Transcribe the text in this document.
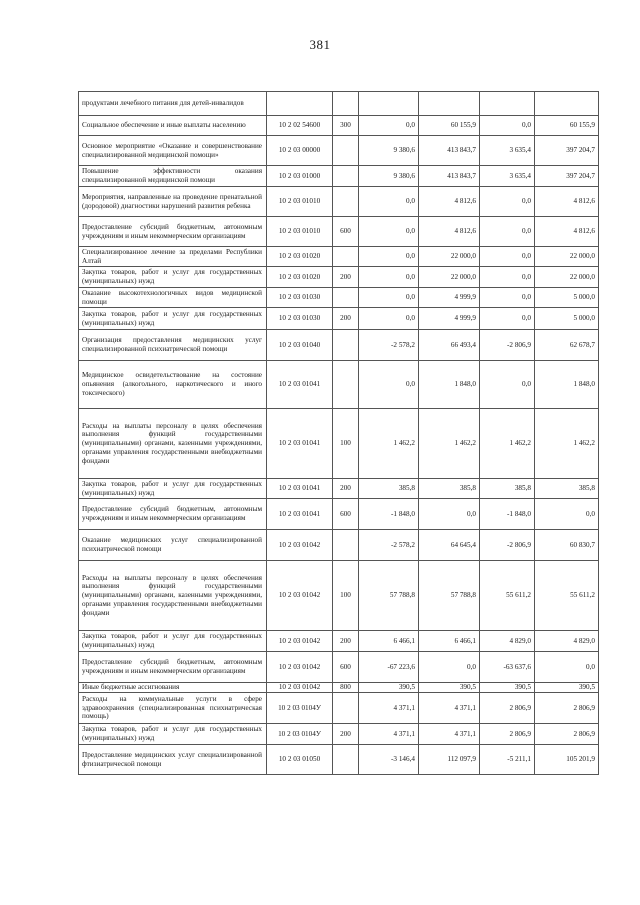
381
продуктами лечебного питания для детей-инвалидов						
Социальное обеспечение и иные выплаты населению	10 2 02 54600	300	0,0	60 155,9	0,0	60 155,9
Основное мероприятие «Оказание и совершенствование специализированной медицинской помощи»	10 2 03 00000		9 380,6	413 843,7	3 635,4	397 204,7
Повышение эффективности оказания специализированной медицинской помощи	10 2 03 01000		9 380,6	413 843,7	3 635,4	397 204,7
Мероприятия, направленные на проведение пренатальной (дородовой) диагностики нарушений развития ребенка	10 2 03 01010		0,0	4 812,6	0,0	4 812,6
Предоставление субсидий бюджетным, автономным учреждениям и иным некоммерческим организациям	10 2 03 01010	600	0,0	4 812,6	0,0	4 812,6
Специализированное лечение за пределами Республики Алтай	10 2 03 01020		0,0	22 000,0	0,0	22 000,0
Закупка товаров, работ и услуг для государственных (муниципальных) нужд	10 2 03 01020	200	0,0	22 000,0	0,0	22 000,0
Оказание высокотехнологичных видов медицинской помощи	10 2 03 01030		0,0	4 999,9	0,0	5 000,0
Закупка товаров, работ и услуг для государственных (муниципальных) нужд	10 2 03 01030	200	0,0	4 999,9	0,0	5 000,0
Организация предоставления медицинских услуг специализированной психиатрической помощи	10 2 03 01040		-2 578,2	66 493,4	-2 806,9	62 678,7
Медицинское освидетельствование на состояние опьянения (алкогольного, наркотического и иного токсического)	10 2 03 01041		0,0	1 848,0	0,0	1 848,0
Расходы на выплаты персоналу в целях обеспечения выполнения функций государственными (муниципальными) органами, казенными учреждениями, органами управления государственными внебюджетными фондами	10 2 03 01041	100	1 462,2	1 462,2	1 462,2	1 462,2
Закупка товаров, работ и услуг для государственных (муниципальных) нужд	10 2 03 01041	200	385,8	385,8	385,8	385,8
Предоставление субсидий бюджетным, автономным учреждениям и иным некоммерческим организациям	10 2 03 01041	600	-1 848,0	0,0	-1 848,0	0,0
Оказание медицинских услуг специализированной психиатрической помощи	10 2 03 01042		-2 578,2	64 645,4	-2 806,9	60 830,7
Расходы на выплаты персоналу в целях обеспечения выполнения функций государственными (муниципальными) органами, казенными учреждениями, органами управления государственными внебюджетными фондами	10 2 03 01042	100	57 788,8	57 788,8	55 611,2	55 611,2
Закупка товаров, работ и услуг для государственных (муниципальных) нужд	10 2 03 01042	200	6 466,1	6 466,1	4 829,0	4 829,0
Предоставление субсидий бюджетным, автономным учреждениям и иным некоммерческим организациям	10 2 03 01042	600	-67 223,6	0,0	-63 637,6	0,0
Иные бюджетные ассигнования	10 2 03 01042	800	390,5	390,5	390,5	390,5
Расходы на коммунальные услуги в сфере здравоохранения (специализированная психиатрическая помощь)	10 2 03 0104У		4 371,1	4 371,1	2 806,9	2 806,9
Закупка товаров, работ и услуг для государственных (муниципальных) нужд	10 2 03 0104У	200	4 371,1	4 371,1	2 806,9	2 806,9
Предоставление медицинских услуг специализированной фтизиатрической помощи	10 2 03 01050		-3 146,4	112 097,9	-5 211,1	105 201,9
